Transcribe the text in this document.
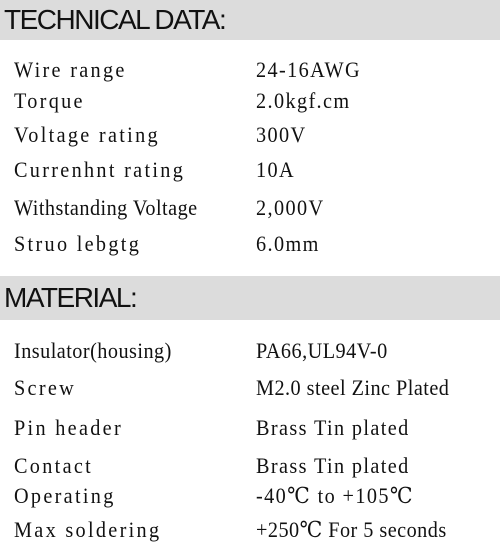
TECHNICAL DATA:
Wire range	24-16AWG
Torque	2.0kgf.cm
Voltage rating	300V
Currenhnt rating	10A
Withstanding Voltage	2,000V
Struo lebgtg	6.0mm
MATERIAL:
Insulator(housing)	PA66,UL94V-0
Screw	M2.0 steel Zinc Plated
Pin header	Brass Tin plated
Contact	Brass Tin plated
Operating	-40℃ to +105℃
Max soldering	+250℃ For 5 seconds
